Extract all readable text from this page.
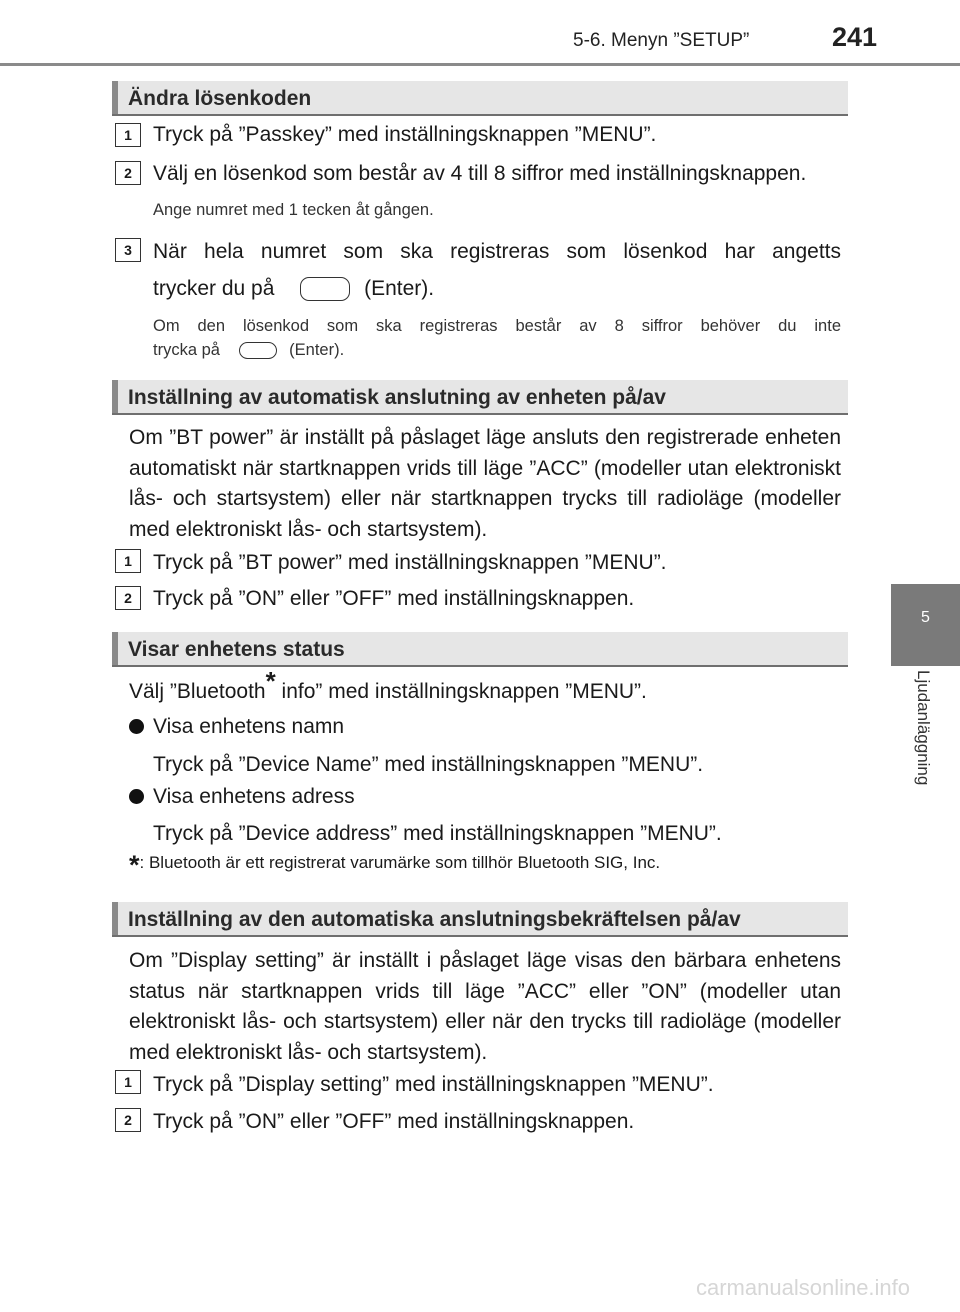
5-6. Menyn ”SETUP”	241
5
Ljudanläggning
Ändra lösenkoden
1	Tryck på ”Passkey” med inställningsknappen ”MENU”.
2	Välj en lösenkod som består av 4 till 8 siffror med inställningsknappen.
Ange numret med 1 tecken åt gången.
3	När hela numret som ska registreras som lösenkod har angetts
trycker du på	(Enter).
Om den lösenkod som ska registreras består av 8 siffror behöver du inte
trycka på	(Enter).
Inställning av automatisk anslutning av enheten på/av
Om ”BT power” är inställt på påslaget läge ansluts den registrerade enheten automatiskt när startknappen vrids till läge ”ACC” (modeller utan elektroniskt lås- och startsystem) eller när startknappen trycks till radioläge (modeller med elektroniskt lås- och startsystem).
1	Tryck på ”BT power” med inställningsknappen ”MENU”.
2	Tryck på ”ON” eller ”OFF” med inställningsknappen.
Visar enhetens status
Välj ”Bluetooth* info” med inställningsknappen ”MENU”.
Visa enhetens namn
Tryck på ”Device Name” med inställningsknappen ”MENU”.
Visa enhetens adress
Tryck på ”Device address” med inställningsknappen ”MENU”.
*: Bluetooth är ett registrerat varumärke som tillhör Bluetooth SIG, Inc.
Inställning av den automatiska anslutningsbekräftelsen på/av
Om ”Display setting” är inställt i påslaget läge visas den bärbara enhetens status när startknappen vrids till läge ”ACC” eller ”ON” (modeller utan elektroniskt lås- och startsystem) eller när den trycks till radioläge (modeller med elektroniskt lås- och startsystem).
1	Tryck på ”Display setting” med inställningsknappen ”MENU”.
2	Tryck på ”ON” eller ”OFF” med inställningsknappen.
carmanualsonline.info
